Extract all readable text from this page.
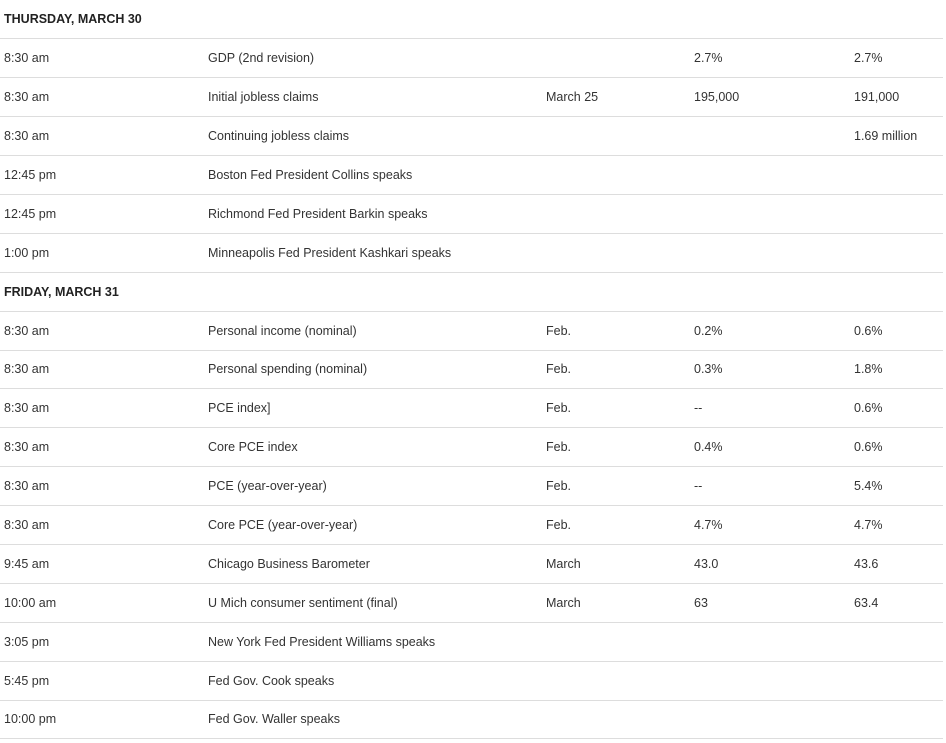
THURSDAY, MARCH 30				
8:30 am	GDP (2nd revision)		2.7%	2.7%
8:30 am	Initial jobless claims	March 25	195,000	191,000
8:30 am	Continuing jobless claims			1.69 million
12:45 pm	Boston Fed President Collins speaks			
12:45 pm	Richmond Fed President Barkin speaks			
1:00 pm	Minneapolis Fed President Kashkari speaks			
FRIDAY, MARCH 31				
8:30 am	Personal income (nominal)	Feb.	0.2%	0.6%
8:30 am	Personal spending (nominal)	Feb.	0.3%	1.8%
8:30 am	PCE index]	Feb.	--	0.6%
8:30 am	Core PCE index	Feb.	0.4%	0.6%
8:30 am	PCE (year-over-year)	Feb.	--	5.4%
8:30 am	Core PCE (year-over-year)	Feb.	4.7%	4.7%
9:45 am	Chicago Business Barometer	March	43.0	43.6
10:00 am	U Mich consumer sentiment (final)	March	63	63.4
3:05 pm	New York Fed President Williams speaks			
5:45 pm	Fed Gov. Cook speaks			
10:00 pm	Fed Gov. Waller speaks			
